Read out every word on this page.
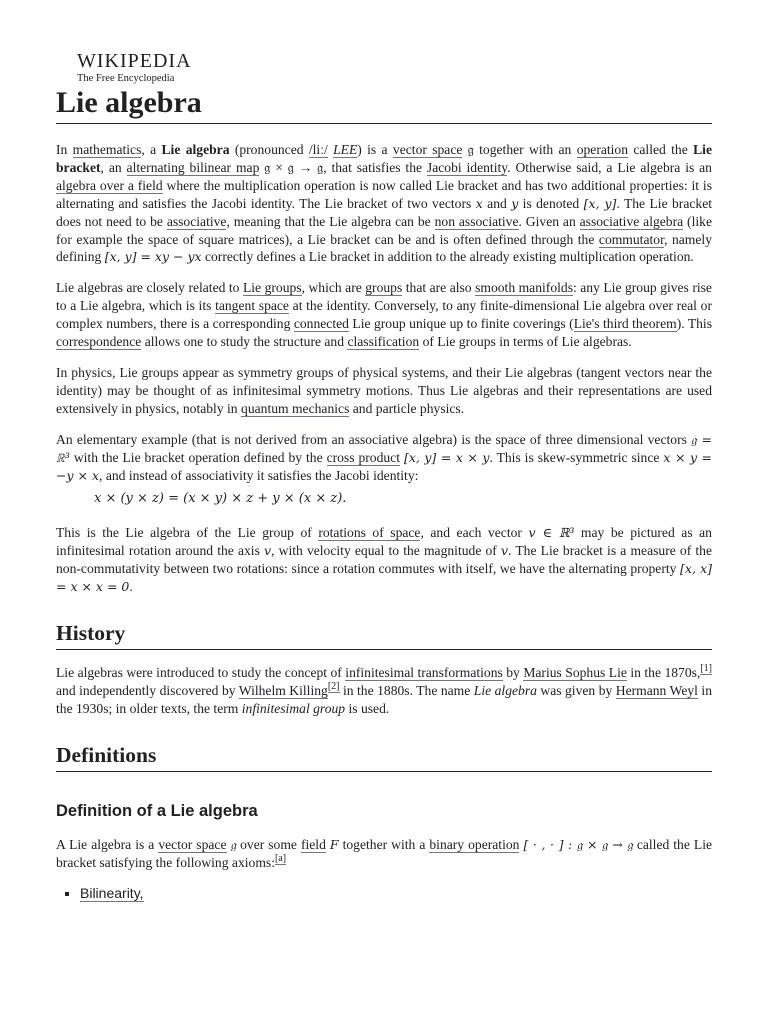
WIKIPEDIA
The Free Encyclopedia
Lie algebra

In mathematics, a Lie algebra (pronounced /liː/ LEE) is a vector space 𝔤 together with an operation called the Lie bracket, an alternating bilinear map 𝔤 × 𝔤 → 𝔤, that satisfies the Jacobi identity. Otherwise said, a Lie algebra is an algebra over a field where the multiplication operation is now called Lie bracket and has two additional properties: it is alternating and satisfies the Jacobi identity. The Lie bracket of two vectors x and y is denoted [x, y]. The Lie bracket does not need to be associative, meaning that the Lie algebra can be non associative. Given an associative algebra (like for example the space of square matrices), a Lie bracket can be and is often defined through the commutator, namely defining [x, y] = xy − yx correctly defines a Lie bracket in addition to the already existing multiplication operation.

Lie algebras are closely related to Lie groups, which are groups that are also smooth manifolds: any Lie group gives rise to a Lie algebra, which is its tangent space at the identity. Conversely, to any finite-dimensional Lie algebra over real or complex numbers, there is a corresponding connected Lie group unique up to finite coverings (Lie's third theorem). This correspondence allows one to study the structure and classification of Lie groups in terms of Lie algebras.

In physics, Lie groups appear as symmetry groups of physical systems, and their Lie algebras (tangent vectors near the identity) may be thought of as infinitesimal symmetry motions. Thus Lie algebras and their representations are used extensively in physics, notably in quantum mechanics and particle physics.

An elementary example (that is not derived from an associative algebra) is the space of three dimensional vectors 𝔤 = ℝ³ with the Lie bracket operation defined by the cross product [x, y] = x × y. This is skew-symmetric since x × y = −y × x, and instead of associativity it satisfies the Jacobi identity:

x × (y × z) = (x × y) × z + y × (x × z).

This is the Lie algebra of the Lie group of rotations of space, and each vector v ∈ ℝ³ may be pictured as an infinitesimal rotation around the axis v, with velocity equal to the magnitude of v. The Lie bracket is a measure of the non-commutativity between two rotations: since a rotation commutes with itself, we have the alternating property [x, x] = x × x = 0.

History

Lie algebras were introduced to study the concept of infinitesimal transformations by Marius Sophus Lie in the 1870s,[1] and independently discovered by Wilhelm Killing[2] in the 1880s. The name Lie algebra was given by Hermann Weyl in the 1930s; in older texts, the term infinitesimal group is used.

Definitions
Definition of a Lie algebra

A Lie algebra is a vector space 𝔤 over some field F together with a binary operation [ · , · ] : 𝔤 × 𝔤 → 𝔤 called the Lie bracket satisfying the following axioms:[a]

▪ Bilinearity,
